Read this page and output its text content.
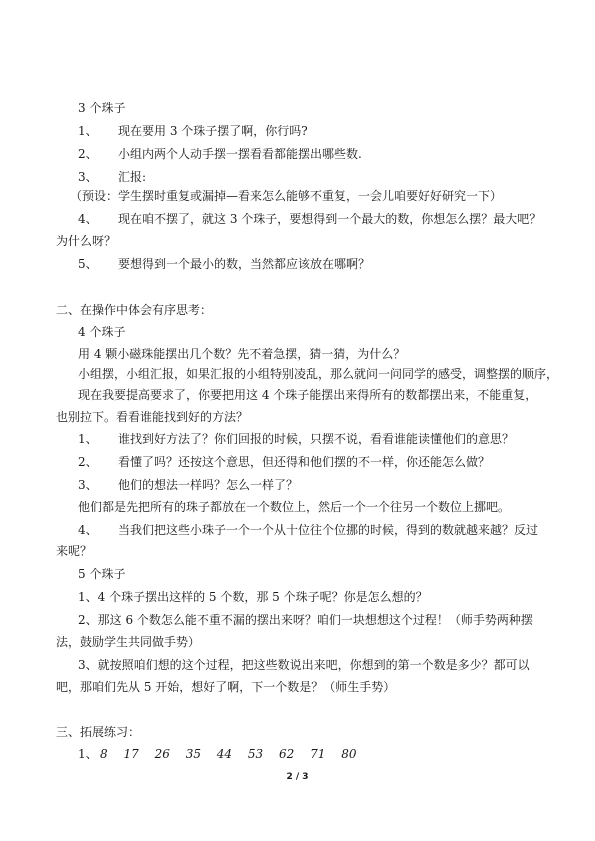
3 个珠子
1、 现在要用 3 个珠子摆了啊，你行吗?
2、 小组内两个人动手摆一摆看看都能摆出哪些数.
3、 汇报:
（预设：学生摆时重复或漏掉—看来怎么能够不重复，一会儿咱要好好研究一下）
4、 现在咱不摆了，就这 3 个珠子，要想得到一个最大的数，你想怎么摆？最大吧？
为什么呀？
5、 要想得到一个最小的数，当然都应该放在哪啊？
二、在操作中体会有序思考：
4 个珠子
用 4 颗小磁珠能摆出几个数？先不着急摆，猜一猜，为什么？
小组摆，小组汇报，如果汇报的小组特别凌乱，那么就问一问同学的感受，调整摆的顺序，
现在我要提高要求了，你要把用这 4 个珠子能摆出来得所有的数都摆出来，不能重复，
也别拉下。看看谁能找到好的方法？
1、 谁找到好方法了？你们回报的时候，只摆不说，看看谁能读懂他们的意思？
2、 看懂了吗？还按这个意思，但还得和他们摆的不一样，你还能怎么做？
3、 他们的想法一样吗？怎么一样了？
他们都是先把所有的珠子都放在一个数位上，然后一个一个往另一个数位上挪吧。
4、 当我们把这些小珠子一个一个从十位往个位挪的时候，得到的数就越来越？反过
来呢？
5 个珠子
1、4 个珠子摆出这样的 5 个数，那 5 个珠子呢？你是怎么想的？
2、那这 6 个数怎么能不重不漏的摆出来呀？咱们一块想想这个过程！（师手势两种摆
法，鼓励学生共同做手势）
3、就按照咱们想的这个过程，把这些数说出来吧，你想到的第一个数是多少？都可以
吧，那咱们先从 5 开始，想好了啊，下一个数是？（师生手势）
三、拓展练习：
1、 8 17 26 35 44 53 62 71 80
2 / 3
